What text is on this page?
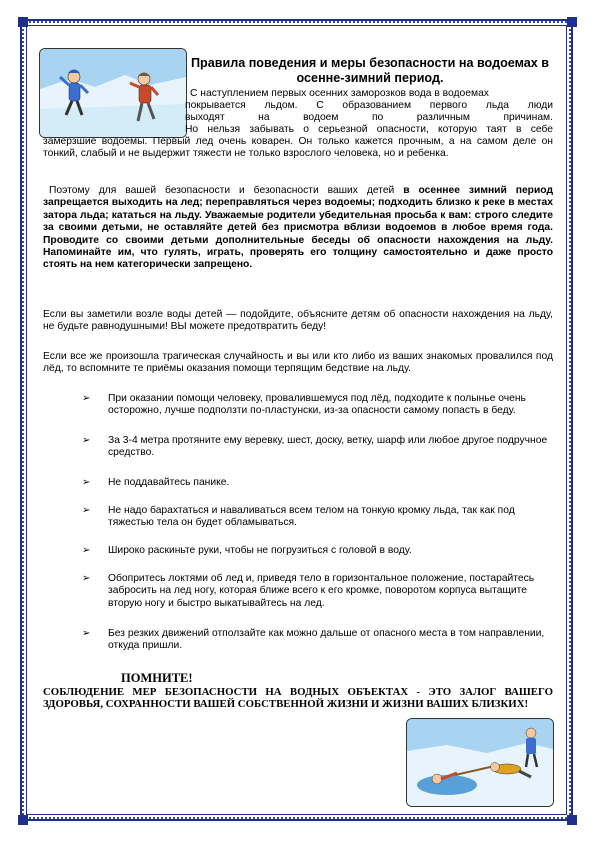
Правила поведения и меры безопасности на водоемах в осенне-зимний период.
С наступлением первых осенних заморозков вода в водоемах
покрывается льдом. С образованием первого льда люди
выходят на водоем по различным причинам.
Но нельзя забывать о серьезной опасности, которую таят в себе
замерзшие водоемы. Первый лед очень коварен. Он только кажется прочным, а на самом деле он тонкий, слабый и не выдержит тяжести не только взрослого человека, но и ребенка.
Поэтому для вашей безопасности и безопасности ваших детей в осеннее зимний период запрещается выходить на лед; переправляться через водоемы; подходить близко к реке в местах затора льда; кататься на льду. Уважаемые родители убедительная просьба к вам: строго следите за своими детьми, не оставляйте детей без присмотра вблизи водоемов в любое время года. Проводите со своими детьми дополнительные беседы об опасности нахождения на льду. Напоминайте им, что гулять, играть, проверять его толщину самостоятельно и даже просто стоять на нем категорически запрещено.
Если вы заметили возле воды детей — подойдите, объясните детям об опасности нахождения на льду, не будьте равнодушными! ВЫ можете предотвратить беду!
Если все же произошла трагическая случайность и вы или кто либо из ваших знакомых провалился под лёд, то вспомните те приёмы оказания помощи терпящим бедствие на льду.
➢ При оказании помощи человеку, провалившемуся под лёд, подходите к полынье очень осторожно, лучше подползти по-пластунски, из-за опасности самому попасть в беду.
➢ За 3-4 метра протяните ему веревку, шест, доску, ветку, шарф или любое другое подручное средство.
➢ Не поддавайтесь панике.
➢ Не надо барахтаться и наваливаться всем телом на тонкую кромку льда, так как под тяжестью тела он будет обламываться.
➢ Широко раскиньте руки, чтобы не погрузиться с головой в воду.
➢ Обопритесь локтями об лед и, приведя тело в горизонтальное положение, постарайтесь забросить на лед ногу, которая ближе всего к его кромке, поворотом корпуса вытащите вторую ногу и быстро выкатывайтесь на лед.
➢ Без резких движений отползайте как можно дальше от опасного места в том направлении, откуда пришли.
ПОМНИТЕ!
СОБЛЮДЕНИЕ МЕР БЕЗОПАСНОСТИ НА ВОДНЫХ ОБЪЕКТАХ - ЭТО ЗАЛОГ ВАШЕГО ЗДОРОВЬЯ, СОХРАННОСТИ ВАШЕЙ СОБСТВЕННОЙ ЖИЗНИ И ЖИЗНИ ВАШИХ БЛИЗКИХ!
